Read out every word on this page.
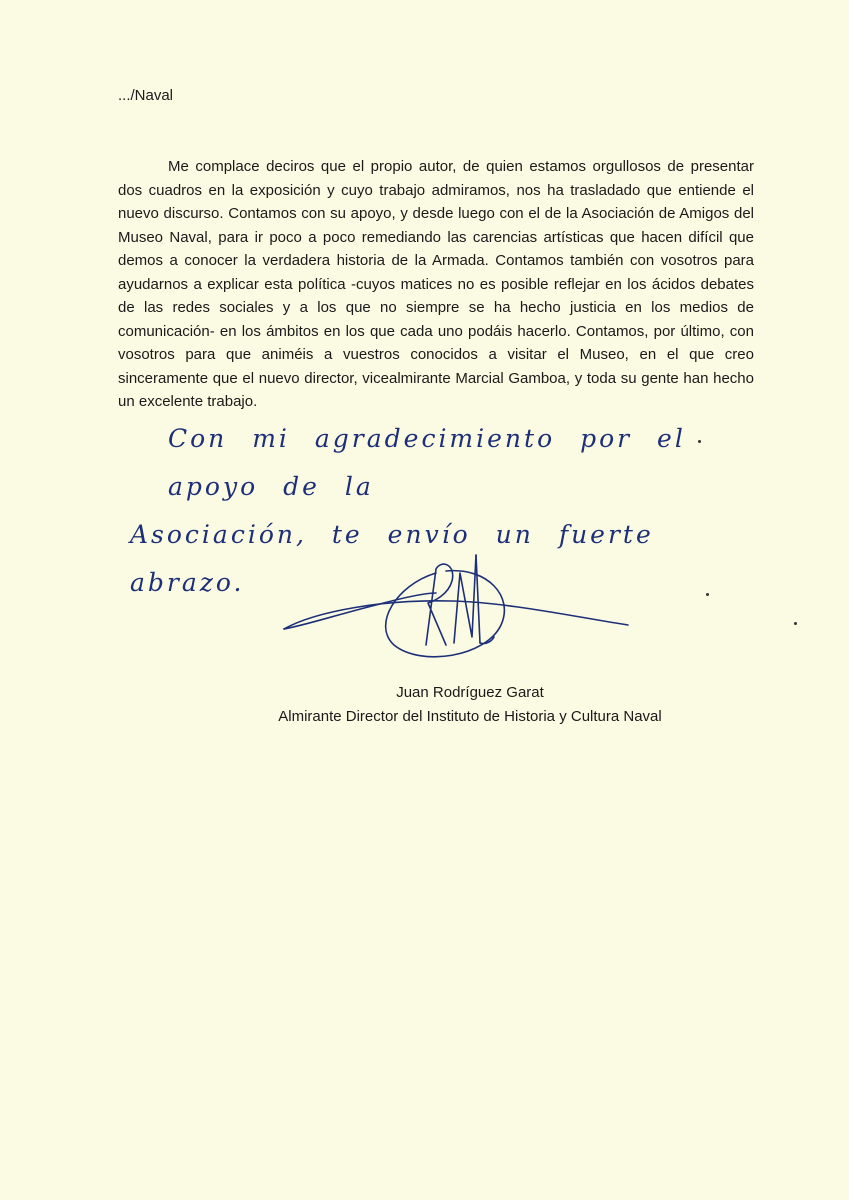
.../Naval

Me complace deciros que el propio autor, de quien estamos orgullosos de presentar dos cuadros en la exposición y cuyo trabajo admiramos, nos ha trasladado que entiende el nuevo discurso. Contamos con su apoyo, y desde luego con el de la Asociación de Amigos del Museo Naval, para ir poco a poco remediando las carencias artísticas que hacen difícil que demos a conocer la verdadera historia de la Armada. Contamos también con vosotros para ayudarnos a explicar esta política -cuyos matices no es posible reflejar en los ácidos debates de las redes sociales y a los que no siempre se ha hecho justicia en los medios de comunicación- en los ámbitos en los que cada uno podáis hacerlo. Contamos, por último, con vosotros para que animéis a vuestros conocidos a visitar el Museo, en el que creo sinceramente que el nuevo director, vicealmirante Marcial Gamboa, y toda su gente han hecho un excelente trabajo.

Con mi agradecimiento por el apoyo de la
Asociación, te envío un fuerte abrazo.

Juan Rodríguez Garat
Almirante Director del Instituto de Historia y Cultura Naval
